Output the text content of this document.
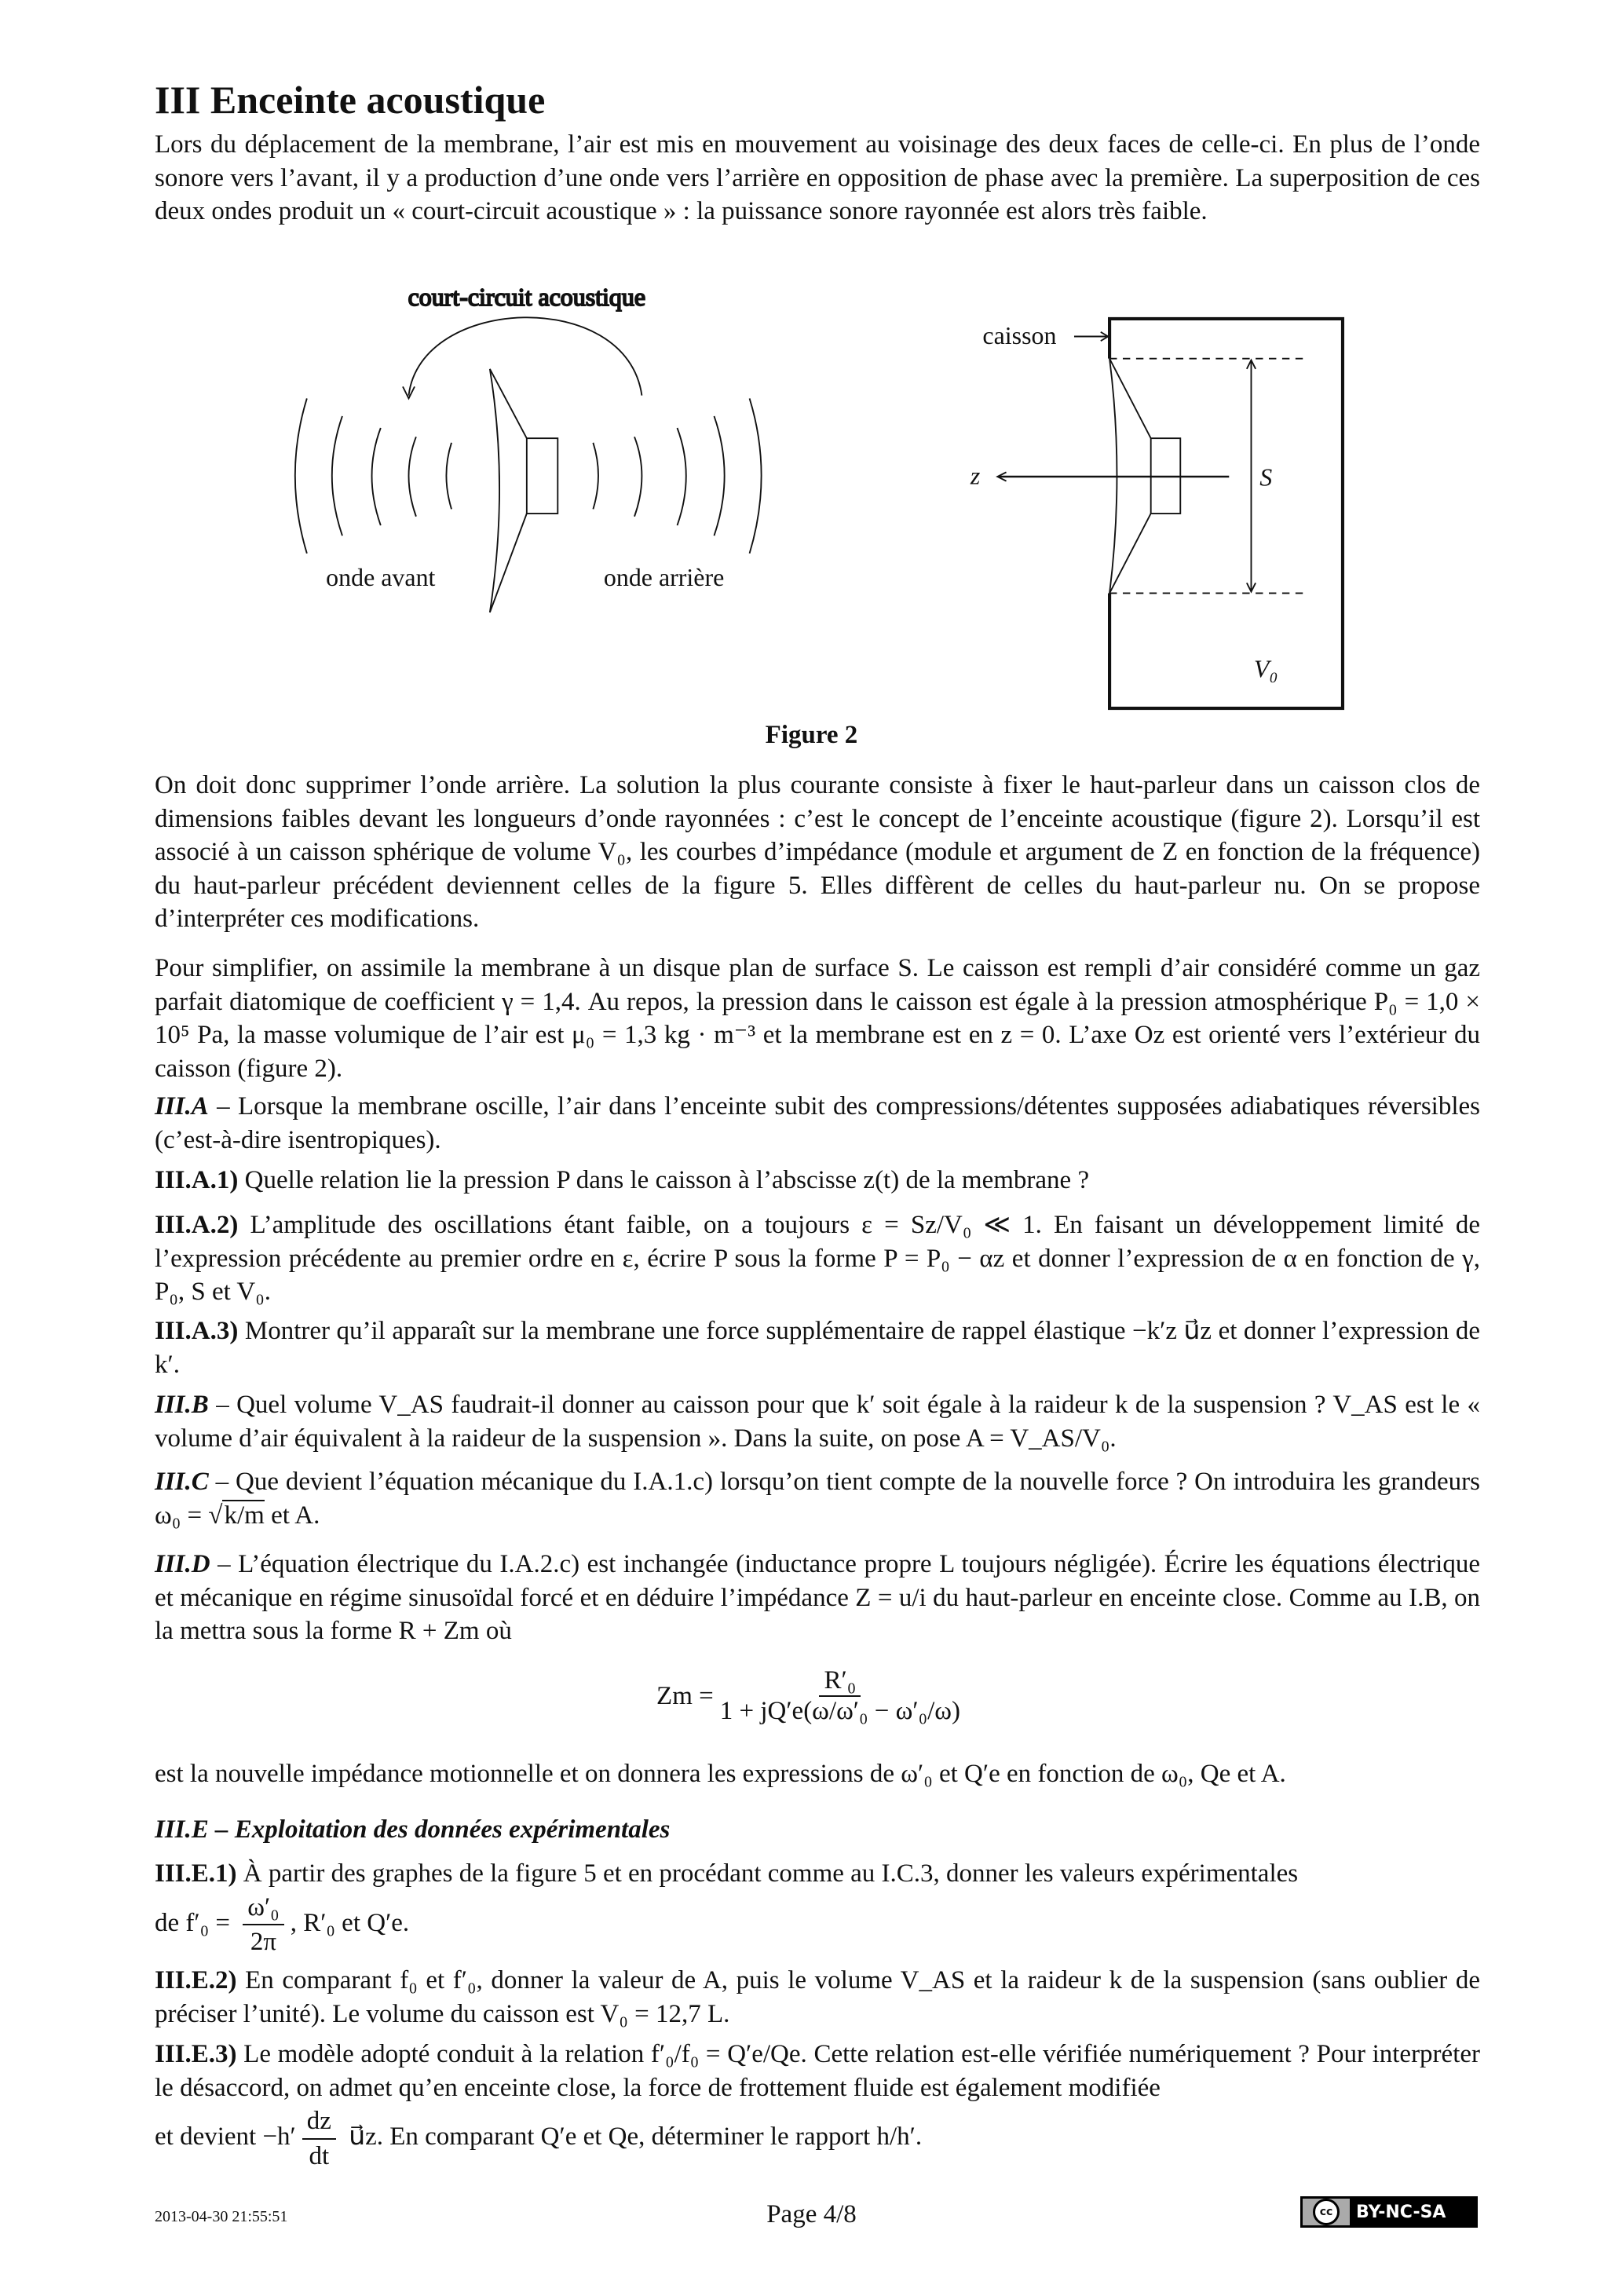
III Enceinte acoustique
Lors du déplacement de la membrane, l’air est mis en mouvement au voisinage des deux faces de celle-ci. En plus de l’onde sonore vers l’avant, il y a production d’une onde vers l’arrière en opposition de phase avec la première. La superposition de ces deux ondes produit un « court-circuit acoustique » : la puissance sonore rayonnée est alors très faible.
court-circuit acoustique
onde avant	onde arrière
caisson
z	S
V₀
Figure 2
On doit donc supprimer l’onde arrière. La solution la plus courante consiste à fixer le haut-parleur dans un caisson clos de dimensions faibles devant les longueurs d’onde rayonnées : c’est le concept de l’enceinte acoustique (figure 2). Lorsqu’il est associé à un caisson sphérique de volume V₀, les courbes d’impédance (module et argument de Z en fonction de la fréquence) du haut-parleur précédent deviennent celles de la figure 5. Elles diffèrent de celles du haut-parleur nu. On se propose d’interpréter ces modifications.
Pour simplifier, on assimile la membrane à un disque plan de surface S. Le caisson est rempli d’air considéré comme un gaz parfait diatomique de coefficient γ = 1,4. Au repos, la pression dans le caisson est égale à la pression atmosphérique P₀ = 1,0 × 10⁵ Pa, la masse volumique de l’air est μ₀ = 1,3 kg · m⁻³ et la membrane est en z = 0. L’axe Oz est orienté vers l’extérieur du caisson (figure 2).
III.A – Lorsque la membrane oscille, l’air dans l’enceinte subit des compressions/détentes supposées adiabatiques réversibles (c’est-à-dire isentropiques).
III.A.1) Quelle relation lie la pression P dans le caisson à l’abscisse z(t) de la membrane ?
III.A.2) L’amplitude des oscillations étant faible, on a toujours ε = Sz/V₀ ≪ 1. En faisant un développement limité de l’expression précédente au premier ordre en ε, écrire P sous la forme P = P₀ − αz et donner l’expression de α en fonction de γ, P₀, S et V₀.
III.A.3) Montrer qu’il apparaît sur la membrane une force supplémentaire de rappel élastique −k′z u⃗z et donner l’expression de k′.
III.B – Quel volume V_AS faudrait-il donner au caisson pour que k′ soit égale à la raideur k de la suspension ? V_AS est le « volume d’air équivalent à la raideur de la suspension ». Dans la suite, on pose A = V_AS/V₀.
III.C – Que devient l’équation mécanique du I.A.1.c) lorsqu’on tient compte de la nouvelle force ? On introduira les grandeurs ω₀ = √k/m et A.
III.D – L’équation électrique du I.A.2.c) est inchangée (inductance propre L toujours négligée). Écrire les équations électrique et mécanique en régime sinusoïdal forcé et en déduire l’impédance Z = u/i du haut-parleur en enceinte close. Comme au I.B, on la mettra sous la forme R + Zm où
$Zm = \frac{\text{R′₀}}{\text{1 + jQ′e(ω/ω′₀ − ω′₀/ω)}}$
est la nouvelle impédance motionnelle et on donnera les expressions de ω′₀ et Q′e en fonction de ω₀, Qe et A.
III.E – Exploitation des données expérimentales
III.E.1) À partir des graphes de la figure 5 et en procédant comme au I.C.3, donner les valeurs expérimentales
de $f'_0 = \frac{\text{ω′₀}}{2\pi}$ , R′₀ et Q′e.
III.E.2) En comparant f₀ et f′₀, donner la valeur de A, puis le volume V_AS et la raideur k de la suspension (sans oublier de préciser l’unité). Le volume du caisson est V₀ = 12,7 L.
III.E.3) Le modèle adopté conduit à la relation f′₀/f₀ = Q′e/Qe. Cette relation est-elle vérifiée numériquement ? Pour interpréter le désaccord, on admet qu’en enceinte close, la force de frottement fluide est également modifiée
et devient $-h' \frac{dz}{dt}$ u⃗z. En comparant Q′e et Qe, déterminer le rapport h/h′.
2013-04-30 21:55:51	Page 4/8	cc	BY-NC-SA
